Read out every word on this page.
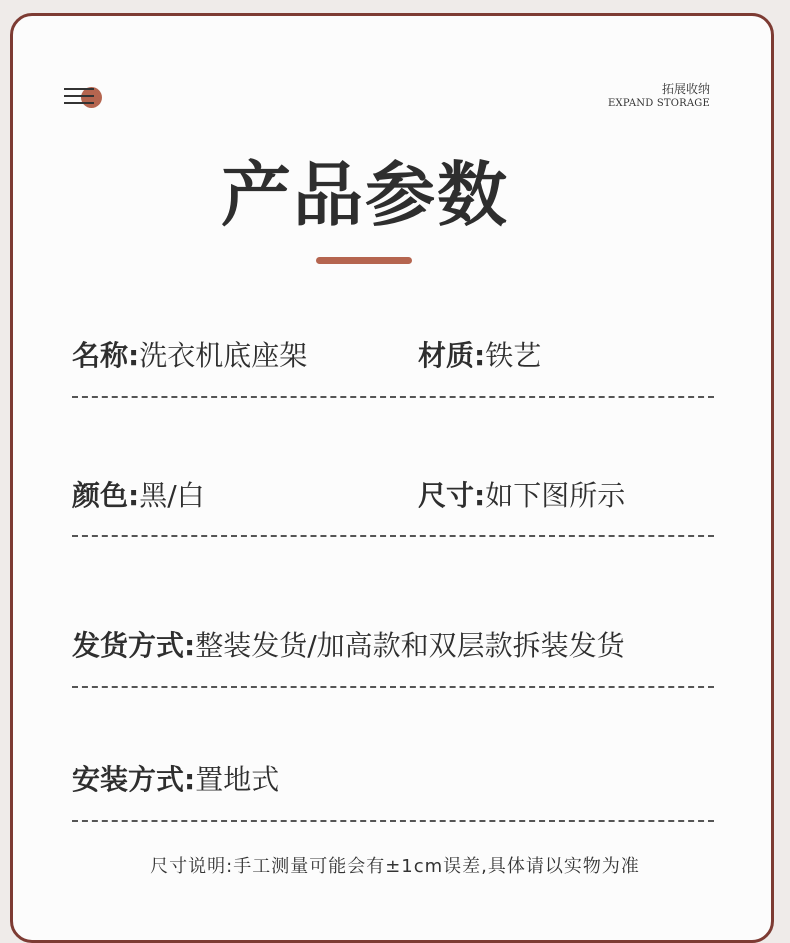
拓展收纳
EXPAND STORAGE
产品参数
名称:洗衣机底座架	材质:铁艺
颜色:黑/白	尺寸:如下图所示
发货方式:整装发货/加高款和双层款拆装发货
安装方式:置地式
尺寸说明:手工测量可能会有±1cm误差,具体请以实物为准
